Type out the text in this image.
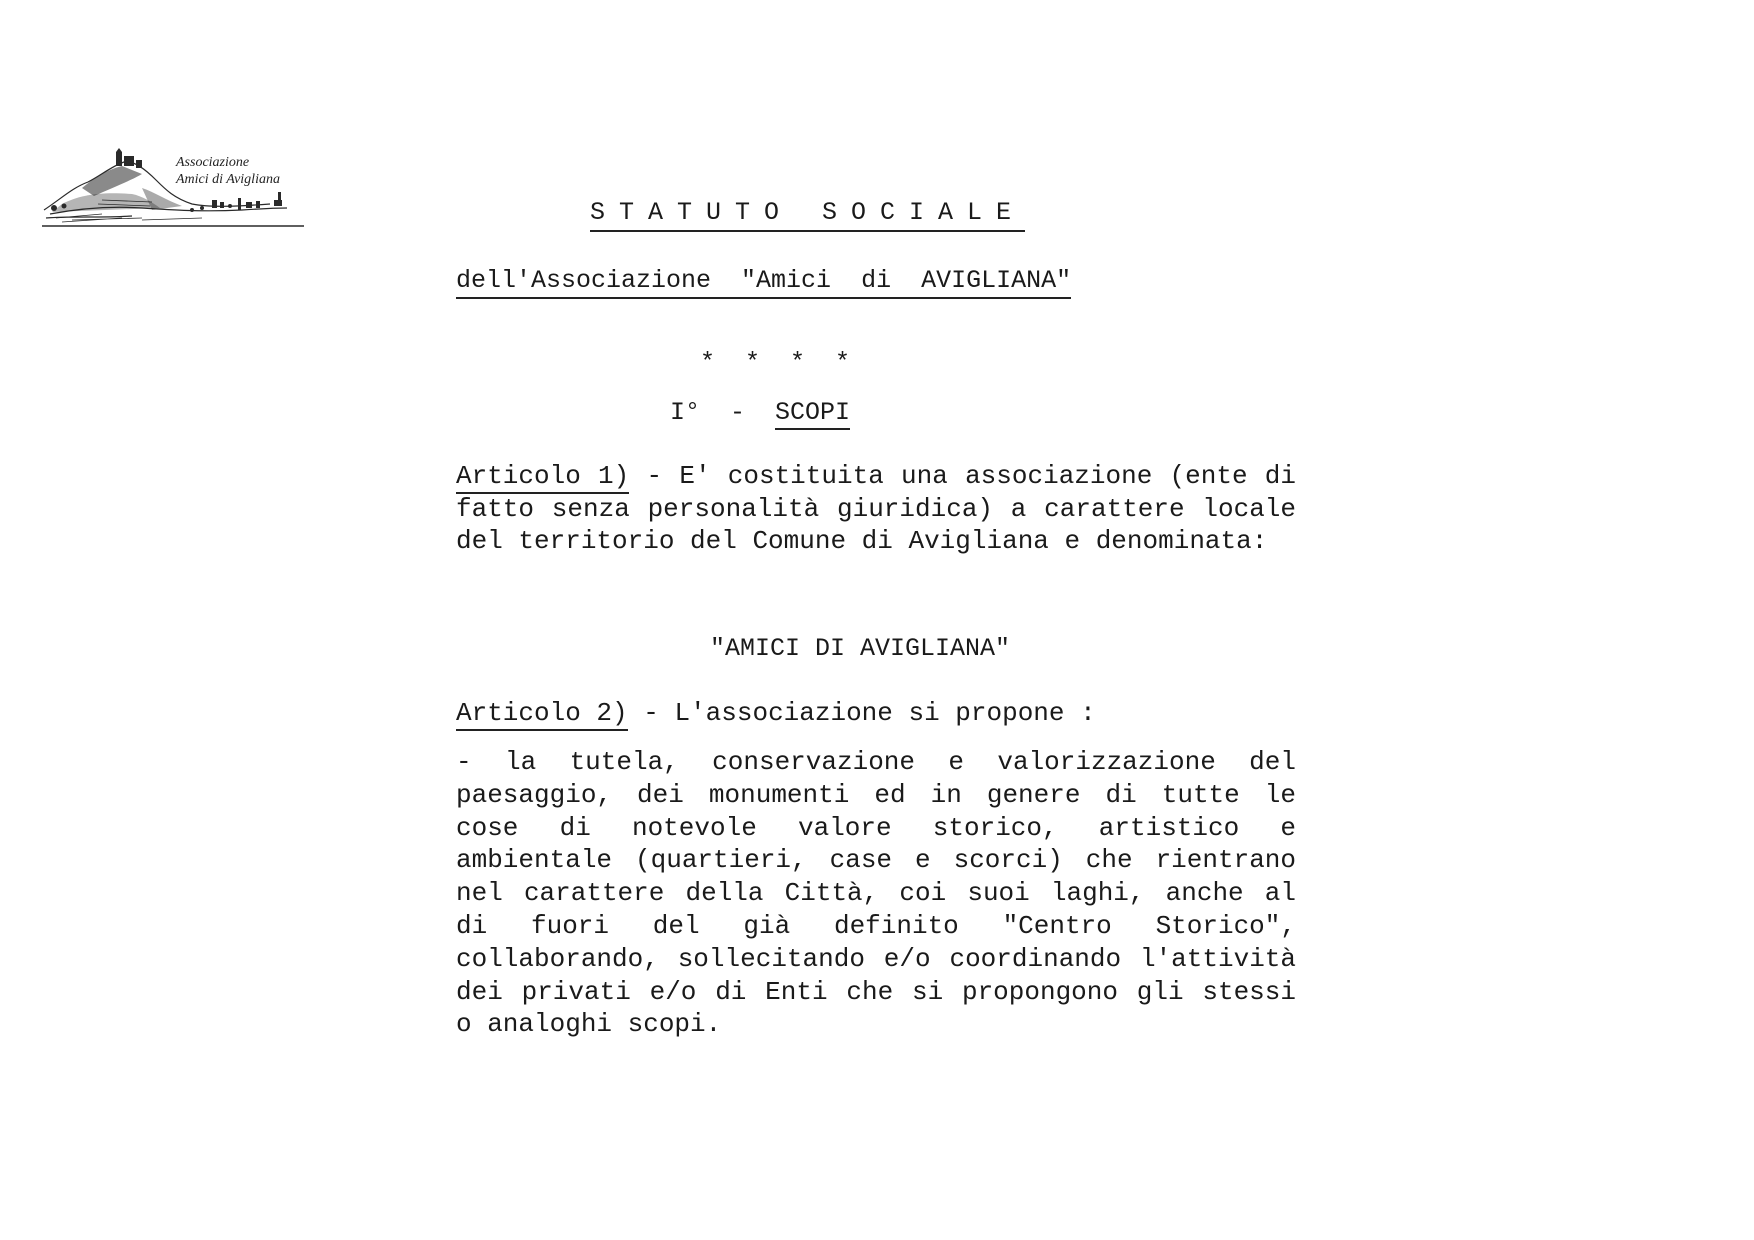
Associazione
Amici di Avigliana
STATUTO SOCIALE
dell'Associazione  "Amici  di  AVIGLIANA"
*  *  *  *
I°  - SCOPI
Articolo 1) - E' costituita una associazione (ente di fatto senza personalità giuridica) a carattere locale del territorio del Comune di Avigliana e denominata:
"AMICI DI AVIGLIANA"
Articolo 2) - L'associazione si propone :
- la tutela, conservazione e valorizzazione del paesaggio, dei monumenti ed in genere di tutte le cose di notevole valore storico, artistico e ambientale (quartieri, case e scorci) che rientrano nel carattere della Città, coi suoi laghi, anche al di fuori del già definito "Centro Storico", collaborando, sollecitando e/o coordinando l'attività dei privati e/o di Enti che si propongono gli stessi o analoghi scopi.
